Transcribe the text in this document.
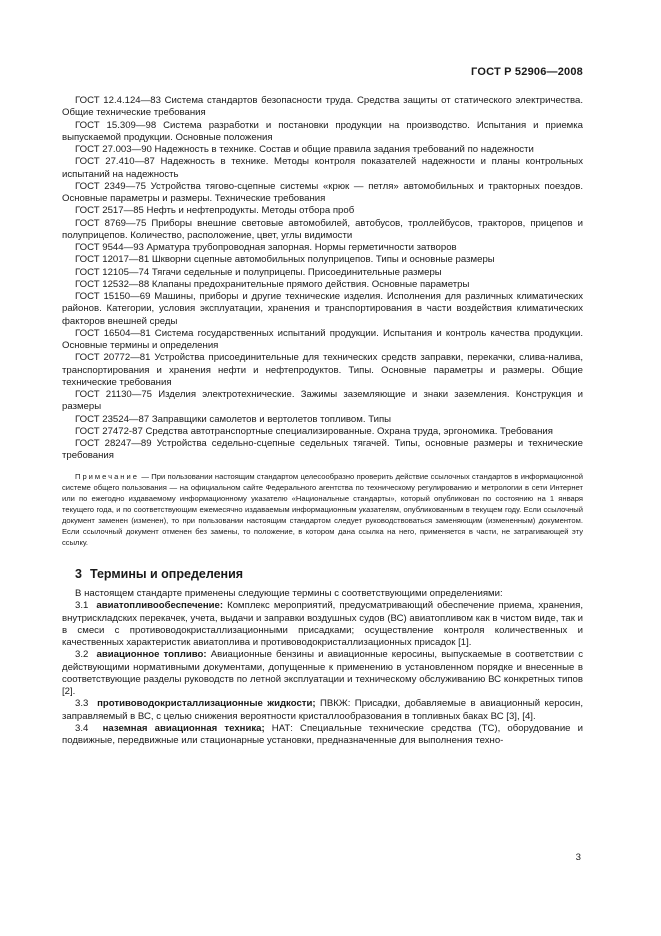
ГОСТ Р 52906—2008

ГОСТ 12.4.124—83 Система стандартов безопасности труда. Средства защиты от статического электричества. Общие технические требования

ГОСТ 15.309—98 Система разработки и постановки продукции на производство. Испытания и приемка выпускаемой продукции. Основные положения

ГОСТ 27.003—90 Надежность в технике. Состав и общие правила задания требований по надежности

ГОСТ 27.410—87 Надежность в технике. Методы контроля показателей надежности и планы контрольных испытаний на надежность

ГОСТ 2349—75 Устройства тягово-сцепные системы «крюк — петля» автомобильных и тракторных поездов. Основные параметры и размеры. Технические требования

ГОСТ 2517—85 Нефть и нефтепродукты. Методы отбора проб

ГОСТ 8769—75 Приборы внешние световые автомобилей, автобусов, троллейбусов, тракторов, прицепов и полуприцепов. Количество, расположение, цвет, углы видимости

ГОСТ 9544—93 Арматура трубопроводная запорная. Нормы герметичности затворов

ГОСТ 12017—81 Шкворни сцепные автомобильных полуприцепов. Типы и основные размеры

ГОСТ 12105—74 Тягачи седельные и полуприцепы. Присоединительные размеры

ГОСТ 12532—88 Клапаны предохранительные прямого действия. Основные параметры

ГОСТ 15150—69 Машины, приборы и другие технические изделия. Исполнения для различных климатических районов. Категории, условия эксплуатации, хранения и транспортирования в части воздействия климатических факторов внешней среды

ГОСТ 16504—81 Система государственных испытаний продукции. Испытания и контроль качества продукции. Основные термины и определения

ГОСТ 20772—81 Устройства присоединительные для технических средств заправки, перекачки, слива-налива, транспортирования и хранения нефти и нефтепродуктов. Типы. Основные параметры и размеры. Общие технические требования

ГОСТ 21130—75 Изделия электротехнические. Зажимы заземляющие и знаки заземления. Конструкция и размеры

ГОСТ 23524—87 Заправщики самолетов и вертолетов топливом. Типы

ГОСТ 27472-87 Средства автотранспортные специализированные. Охрана труда, эргономика. Требования

ГОСТ 28247—89 Устройства седельно-сцепные седельных тягачей. Типы, основные размеры и технические требования

Примечание — При пользовании настоящим стандартом целесообразно проверить действие ссылочных стандартов в информационной системе общего пользования — на официальном сайте Федерального агентства по техническому регулированию и метрологии в сети Интернет или по ежегодно издаваемому информационному указателю «Национальные стандарты», который опубликован по состоянию на 1 января текущего года, и по соответствующим ежемесячно издаваемым информационным указателям, опубликованным в текущем году. Если ссылочный документ заменен (изменен), то при пользовании настоящим стандартом следует руководствоваться заменяющим (измененным) документом. Если ссылочный документ отменен без замены, то положение, в котором дана ссылка на него, применяется в части, не затрагивающей эту ссылку.

3 Термины и определения

В настоящем стандарте применены следующие термины с соответствующими определениями:

3.1 авиатопливообеспечение: Комплекс мероприятий, предусматривающий обеспечение приема, хранения, внутрискладских перекачек, учета, выдачи и заправки воздушных судов (ВС) авиатопливом как в чистом виде, так и в смеси с противоводокристаллизационными присадками; осуществление контроля количественных и качественных характеристик авиатоплива и противоводокристаллизационных присадок [1].

3.2 авиационное топливо: Авиационные бензины и авиационные керосины, выпускаемые в соответствии с действующими нормативными документами, допущенные к применению в установленном порядке и внесенные в соответствующие разделы руководств по летной эксплуатации и техническому обслуживанию ВС конкретных типов [2].

3.3 противоводокристаллизационные жидкости; ПВКЖ: Присадки, добавляемые в авиационный керосин, заправляемый в ВС, с целью снижения вероятности кристаллообразования в топливных баках ВС [3], [4].

3.4 наземная авиационная техника; НАТ: Специальные технические средства (ТС), оборудование и подвижные, передвижные или стационарные установки, предназначенные для выполнения техно-

3
